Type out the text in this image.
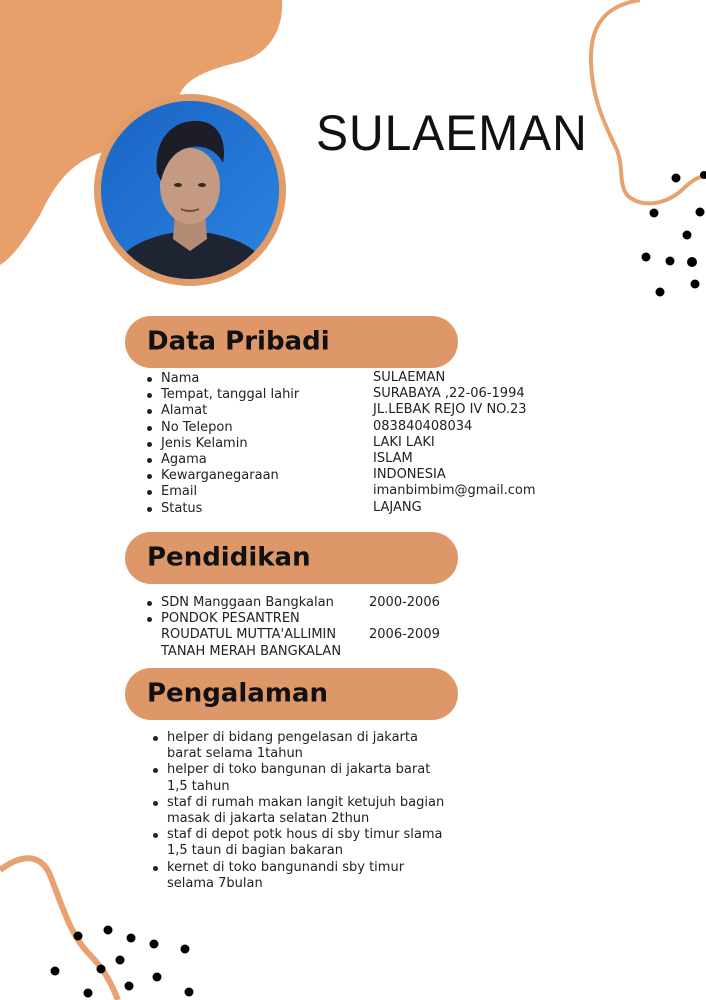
SULAEMAN
Data Pribadi
Nama
Tempat, tanggal lahir
Alamat
No Telepon
Jenis Kelamin
Agama
Kewarganegaraan
Email
Status
SULAEMAN
SURABAYA ,22-06-1994
JL.LEBAK REJO IV NO.23
083840408034
LAKI LAKI
ISLAM
INDONESIA
imanbimbim@gmail.com
LAJANG
Pendidikan
SDN Manggaan Bangkalan
PONDOK PESANTREN
ROUDATUL MUTTA'ALLIMIN
TANAH MERAH BANGKALAN
2000-2006
2006-2009
Pengalaman
helper di bidang pengelasan di jakarta barat selama 1tahun
helper di toko bangunan di jakarta barat 1,5 tahun
staf di rumah makan langit ketujuh bagian masak di jakarta selatan 2thun
staf di depot potk hous di sby timur slama 1,5 taun di bagian bakaran
kernet di toko bangunandi sby timur selama 7bulan
